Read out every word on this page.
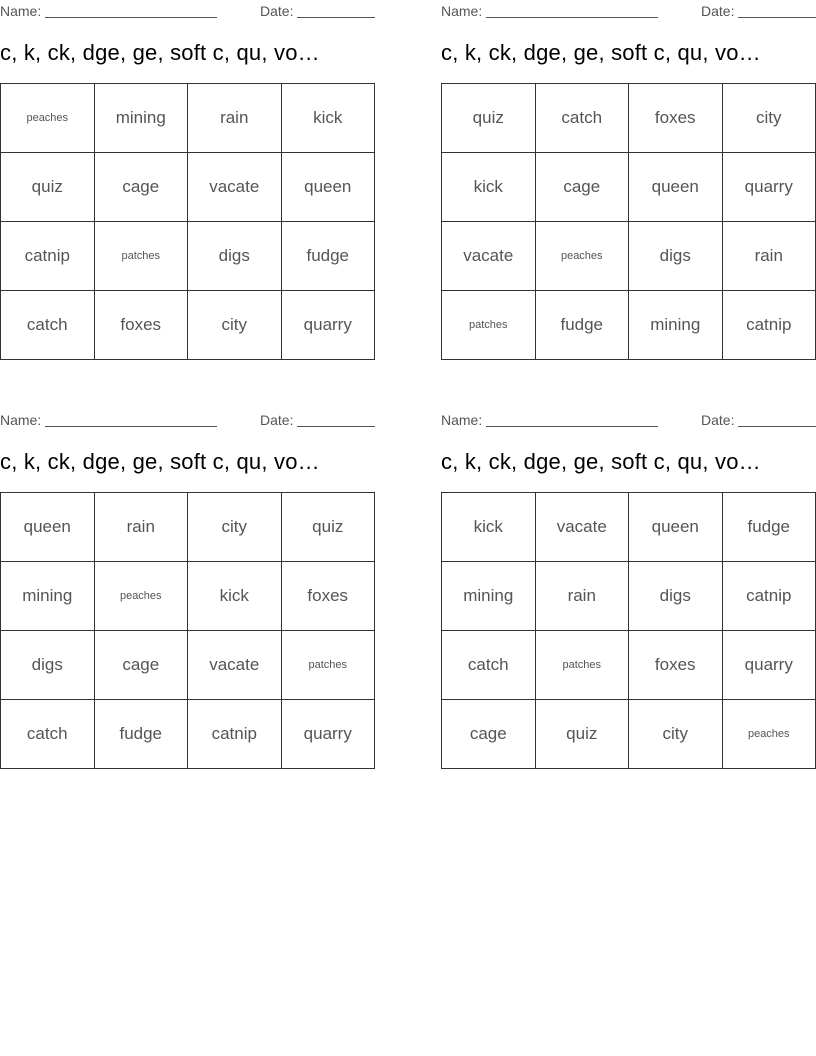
Name:	Date:
c, k, ck, dge, ge, soft c, qu, vo…
peaches	mining	rain	kick
quiz	cage	vacate	queen
catnip	patches	digs	fudge
catch	foxes	city	quarry
Name:	Date:
c, k, ck, dge, ge, soft c, qu, vo…
quiz	catch	foxes	city
kick	cage	queen	quarry
vacate	peaches	digs	rain
patches	fudge	mining	catnip
Name:	Date:
c, k, ck, dge, ge, soft c, qu, vo…
queen	rain	city	quiz
mining	peaches	kick	foxes
digs	cage	vacate	patches
catch	fudge	catnip	quarry
Name:	Date:
c, k, ck, dge, ge, soft c, qu, vo…
kick	vacate	queen	fudge
mining	rain	digs	catnip
catch	patches	foxes	quarry
cage	quiz	city	peaches
